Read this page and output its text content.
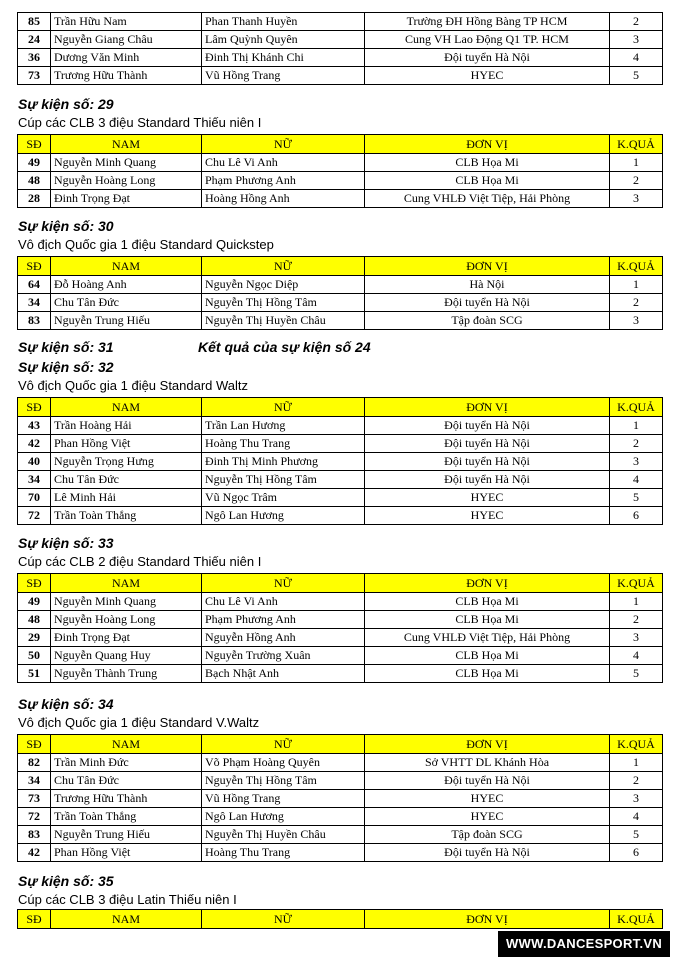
85	Trần Hữu Nam	Phan Thanh Huyền	Trường ĐH Hồng Bàng TP HCM	2
24	Nguyễn Giang Châu	Lâm Quỳnh Quyên	Cung VH Lao Động Q1 TP. HCM	3
36	Dương Văn Minh	Đinh Thị Khánh Chi	Đội tuyển Hà Nội	4
73	Trương Hữu Thành	Vũ Hồng Trang	HYEC	5
Sự kiện số: 29
Cúp các CLB 3 điệu Standard Thiếu niên I
SĐ	NAM	NỮ	ĐƠN VỊ	K.QUẢ
49	Nguyễn Minh Quang	Chu Lê Vi Anh	CLB Họa Mi	1
48	Nguyễn Hoàng Long	Phạm Phương Anh	CLB Họa Mi	2
28	Đinh Trọng Đạt	Hoàng Hồng Anh	Cung VHLĐ Việt Tiệp, Hải Phòng	3
Sự kiện số: 30
Vô địch Quốc gia 1 điệu Standard Quickstep
SĐ	NAM	NỮ	ĐƠN VỊ	K.QUẢ
64	Đỗ Hoàng Anh	Nguyễn Ngọc Diệp	Hà Nội	1
34	Chu Tân Đức	Nguyễn Thị Hồng Tâm	Đội tuyển Hà Nội	2
83	Nguyễn Trung Hiếu	Nguyễn Thị Huyền Châu	Tập đoàn SCG	3
Sự kiện số: 31	Kết quả của sự kiện số 24
Sự kiện số: 32
Vô địch Quốc gia 1 điệu Standard Waltz
SĐ	NAM	NỮ	ĐƠN VỊ	K.QUẢ
43	Trần Hoàng Hải	Trần Lan Hương	Đội tuyển Hà Nội	1
42	Phan Hồng Việt	Hoàng Thu Trang	Đội tuyển Hà Nội	2
40	Nguyễn Trọng Hưng	Đinh Thị Minh Phương	Đội tuyển Hà Nội	3
34	Chu Tân Đức	Nguyễn Thị Hồng Tâm	Đội tuyển Hà Nội	4
70	Lê Minh Hải	Vũ Ngọc Trâm	HYEC	5
72	Trần Toàn Thắng	Ngô Lan Hương	HYEC	6
Sự kiện số: 33
Cúp các CLB 2 điệu Standard Thiếu niên I
SĐ	NAM	NỮ	ĐƠN VỊ	K.QUẢ
49	Nguyễn Minh Quang	Chu Lê Vi Anh	CLB Họa Mi	1
48	Nguyễn Hoàng Long	Phạm Phương Anh	CLB Họa Mi	2
29	Đinh Trọng Đạt	Nguyễn Hồng Anh	Cung VHLĐ Việt Tiệp, Hải Phòng	3
50	Nguyễn Quang Huy	Nguyễn Trường Xuân	CLB Họa Mi	4
51	Nguyễn Thành Trung	Bạch Nhật Anh	CLB Họa Mi	5
Sự kiện số: 34
Vô địch Quốc gia 1 điệu Standard V.Waltz
SĐ	NAM	NỮ	ĐƠN VỊ	K.QUẢ
82	Trần Minh Đức	Võ Phạm Hoàng Quyên	Sở VHTT DL Khánh Hòa	1
34	Chu Tân Đức	Nguyễn Thị Hồng Tâm	Đội tuyển Hà Nội	2
73	Trương Hữu Thành	Vũ Hồng Trang	HYEC	3
72	Trần Toàn Thắng	Ngô Lan Hương	HYEC	4
83	Nguyễn Trung Hiếu	Nguyễn Thị Huyền Châu	Tập đoàn SCG	5
42	Phan Hồng Việt	Hoàng Thu Trang	Đội tuyển Hà Nội	6
Sự kiện số: 35
Cúp các CLB 3 điệu Latin Thiếu niên I
SĐ	NAM	NỮ	ĐƠN VỊ	K.QUẢ
WWW.DANCESPORT.VN
